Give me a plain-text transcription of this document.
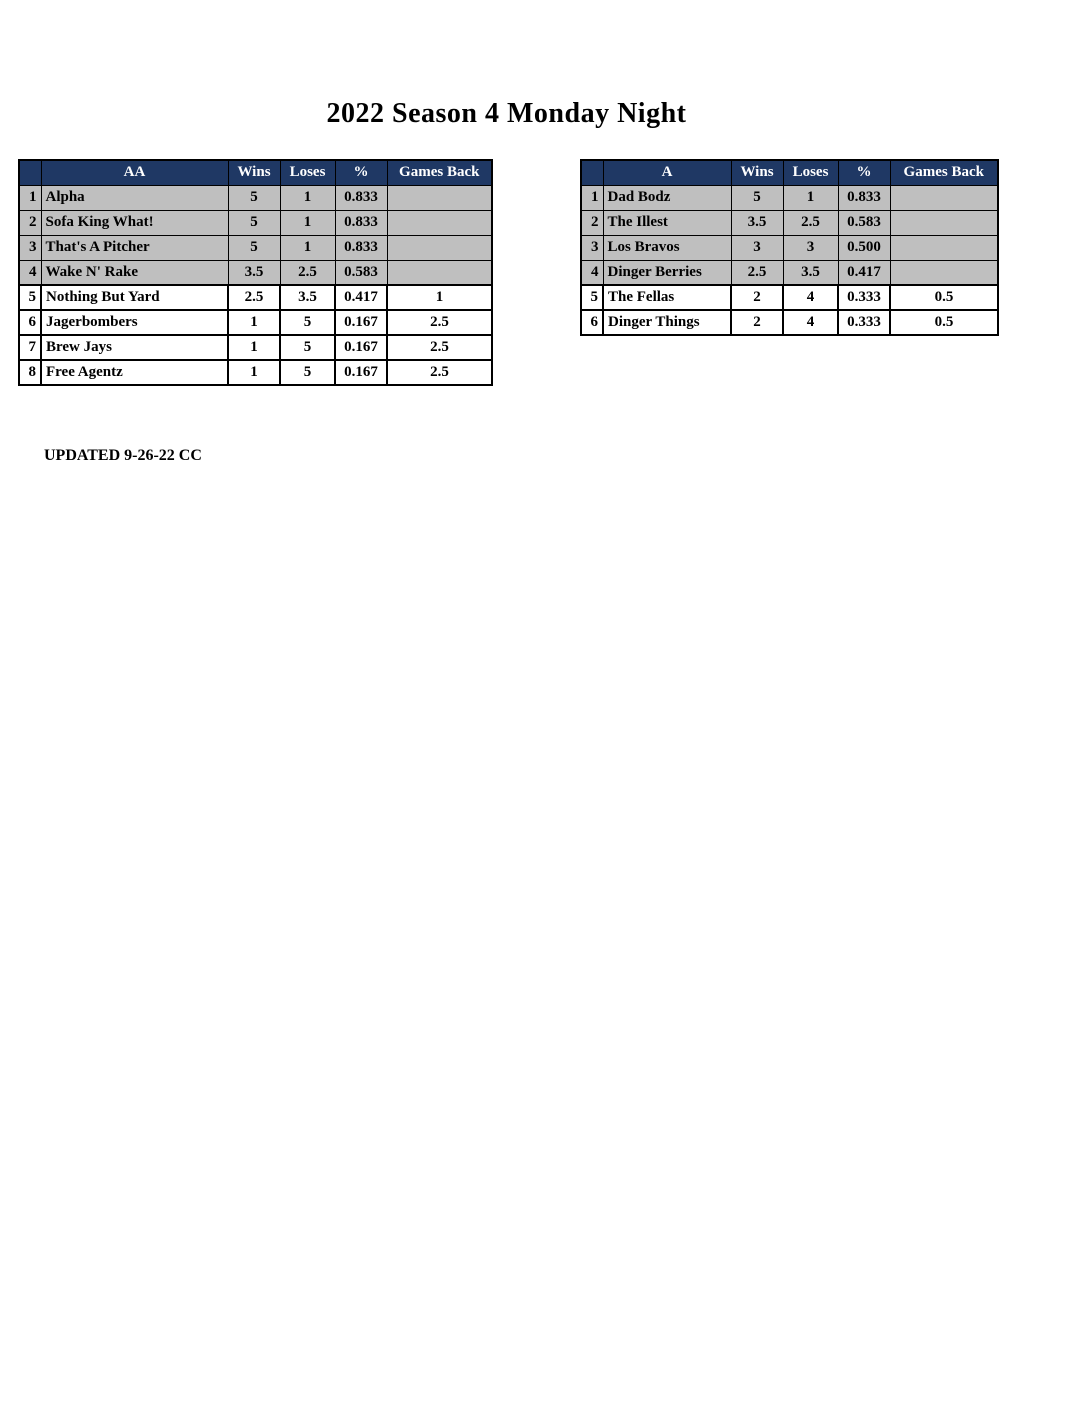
2022 Season 4 Monday Night
	AA	Wins	Loses	%	Games Back
1	Alpha	5	1	0.833	
2	Sofa King What!	5	1	0.833	
3	That's A Pitcher	5	1	0.833	
4	Wake N' Rake	3.5	2.5	0.583	
5	Nothing But Yard	2.5	3.5	0.417	1
6	Jagerbombers	1	5	0.167	2.5
7	Brew Jays	1	5	0.167	2.5
8	Free Agentz	1	5	0.167	2.5
	A	Wins	Loses	%	Games Back
1	Dad Bodz	5	1	0.833	
2	The Illest	3.5	2.5	0.583	
3	Los Bravos	3	3	0.500	
4	Dinger Berries	2.5	3.5	0.417	
5	The Fellas	2	4	0.333	0.5
6	Dinger Things	2	4	0.333	0.5
UPDATED 9-26-22 CC
